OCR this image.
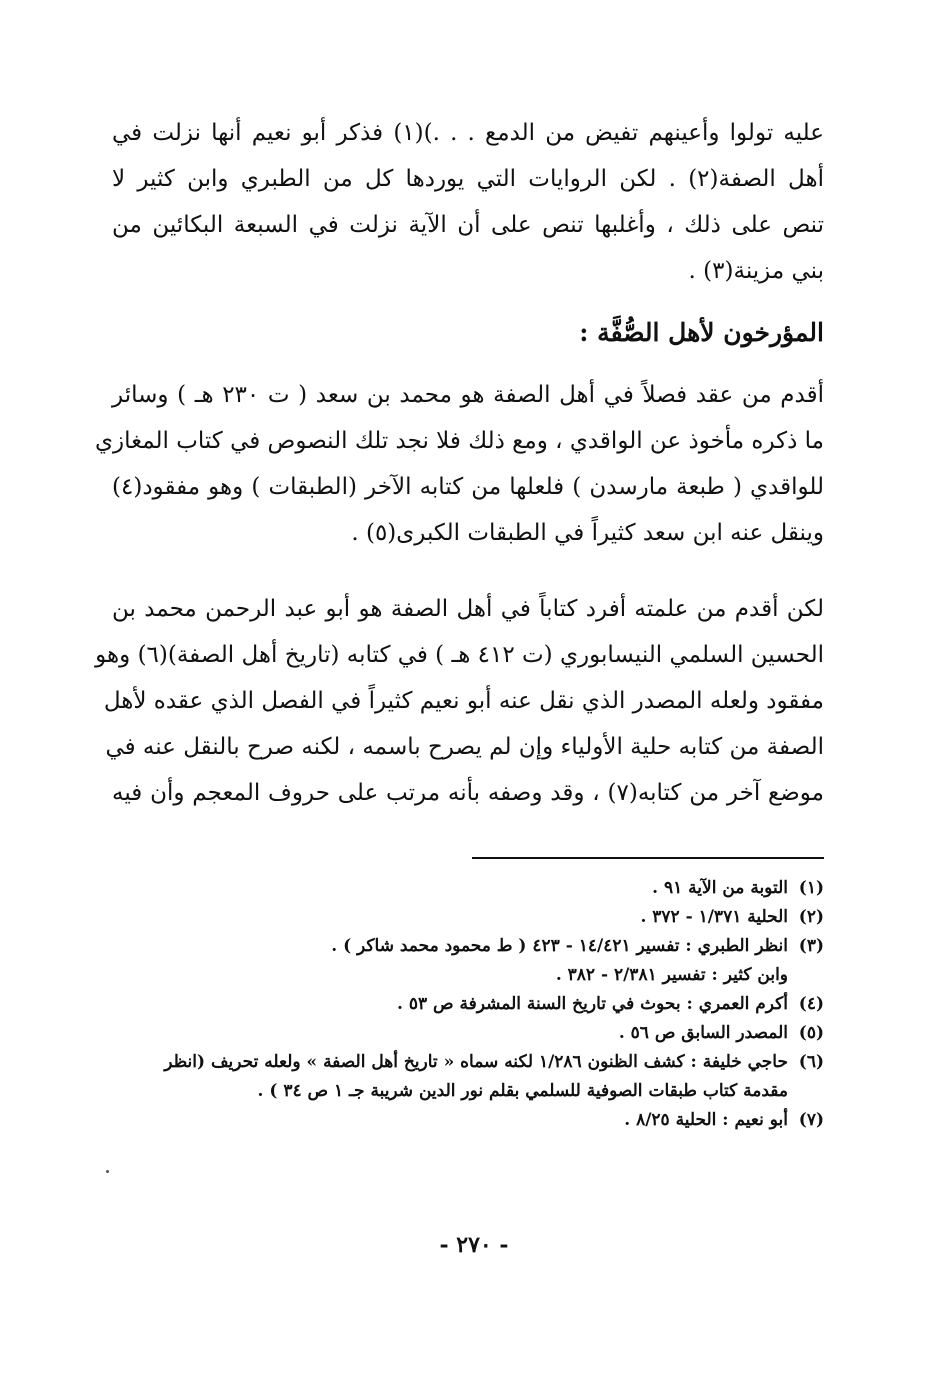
عليه تولوا وأعينهم تفيض من الدمع . . .)(١) فذكر أبو نعيم أنها نزلت في
أهل الصفة(٢) . لكن الروايات التي يوردها كل من الطبري وابن كثير لا
تنص على ذلك ، وأغلبها تنص على أن الآية نزلت في السبعة البكائين من
بني مزينة(٣) .
المؤرخون لأهل الصُّفَّة :
أقدم من عقد فصلاً في أهل الصفة هو محمد بن سعد ( ت ٢٣٠ هـ ) وسائر
ما ذكره مأخوذ عن الواقدي ، ومع ذلك فلا نجد تلك النصوص في كتاب المغازي
للواقدي ( طبعة مارسدن ) فلعلها من كتابه الآخر (الطبقات ) وهو مفقود(٤)
وينقل عنه ابن سعد كثيراً في الطبقات الكبرى(٥) .
لكن أقدم من علمته أفرد كتاباً في أهل الصفة هو أبو عبد الرحمن محمد بن
الحسين السلمي النيسابوري (ت ٤١٢ هـ ) في كتابه (تاريخ أهل الصفة)(٦) وهو
مفقود ولعله المصدر الذي نقل عنه أبو نعيم كثيراً في الفصل الذي عقده لأهل
الصفة من كتابه حلية الأولياء وإن لم يصرح باسمه ، لكنه صرح بالنقل عنه في
موضع آخر من كتابه(٧) ، وقد وصفه بأنه مرتب على حروف المعجم وأن فيه
(١)التوبة من الآية ٩١ .
(٢)الحلية ١/٣٧١ - ٣٧٢ .
(٣)انظر الطبري : تفسير ١٤/٤٢١ - ٤٢٣ ( ط محمود محمد شاكر ) .
وابن كثير : تفسير ٢/٣٨١ - ٣٨٢ .
(٤)أكرم العمري : بحوث في تاريخ السنة المشرفة ص ٥٣ .
(٥)المصدر السابق ص ٥٦ .
(٦)حاجي خليفة : كشف الظنون ١/٢٨٦ لكنه سماه « تاريخ أهل الصفة » ولعله تحريف (انظر
مقدمة كتاب طبقات الصوفية للسلمي بقلم نور الدين شريبة جـ ١ ص ٣٤ ) .
(٧)أبو نعيم : الحلية ٨/٢٥ .
- ٢٧٠ -
